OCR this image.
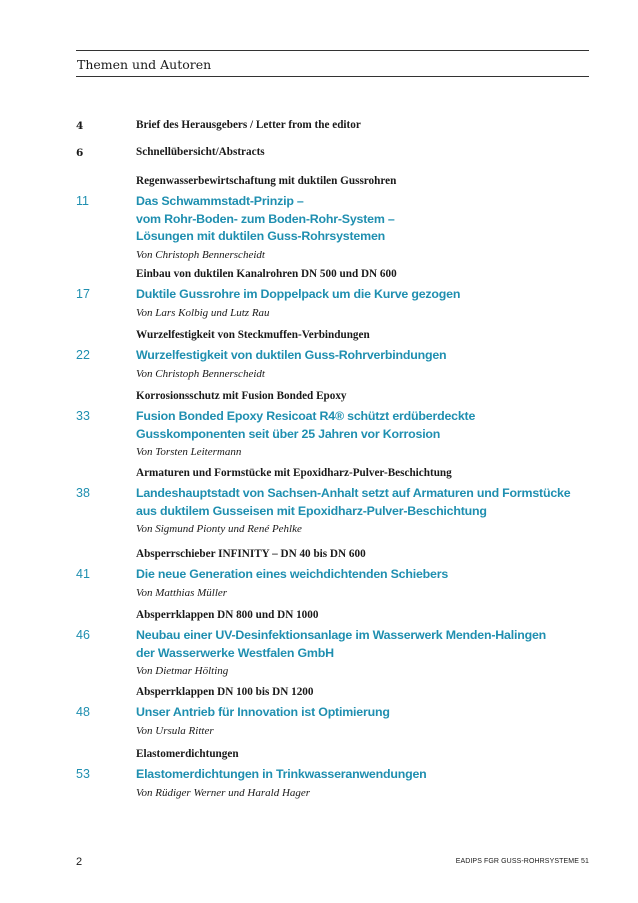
Themen und Autoren
4	Brief des Herausgebers / Letter from the editor
6	Schnellübersicht/Abstracts
Regenwasserbewirtschaftung mit duktilen Gussrohren
11	Das Schwammstadt-Prinzip –
vom Rohr-Boden- zum Boden-Rohr-System –
Lösungen mit duktilen Guss-Rohrsystemen
Von Christoph Bennerscheidt
Einbau von duktilen Kanalrohren DN 500 und DN 600
17	Duktile Gussrohre im Doppelpack um die Kurve gezogen
Von Lars Kolbig und Lutz Rau
Wurzelfestigkeit von Steckmuffen-Verbindungen
22	Wurzelfestigkeit von duktilen Guss-Rohrverbindungen
Von Christoph Bennerscheidt
Korrosionsschutz mit Fusion Bonded Epoxy
33	Fusion Bonded Epoxy Resicoat R4® schützt erdüberdeckte
Gusskomponenten seit über 25 Jahren vor Korrosion
Von Torsten Leitermann
Armaturen und Formstücke mit Epoxidharz-Pulver-Beschichtung
38	Landeshauptstadt von Sachsen-Anhalt setzt auf Armaturen und Formstücke
aus duktilem Gusseisen mit Epoxidharz-Pulver-Beschichtung
Von Sigmund Pionty und René Pehlke
Absperrschieber INFINITY – DN 40 bis DN 600
41	Die neue Generation eines weichdichtenden Schiebers
Von Matthias Müller
Absperrklappen DN 800 und DN 1000
46	Neubau einer UV-Desinfektionsanlage im Wasserwerk Menden-Halingen
der Wasserwerke Westfalen GmbH
Von Dietmar Hölting
Absperrklappen DN 100 bis DN 1200
48	Unser Antrieb für Innovation ist Optimierung
Von Ursula Ritter
Elastomerdichtungen
53	Elastomerdichtungen in Trinkwasseranwendungen
Von Rüdiger Werner und Harald Hager
2	EADIPS FGR GUSS-ROHRSYSTEME 51
